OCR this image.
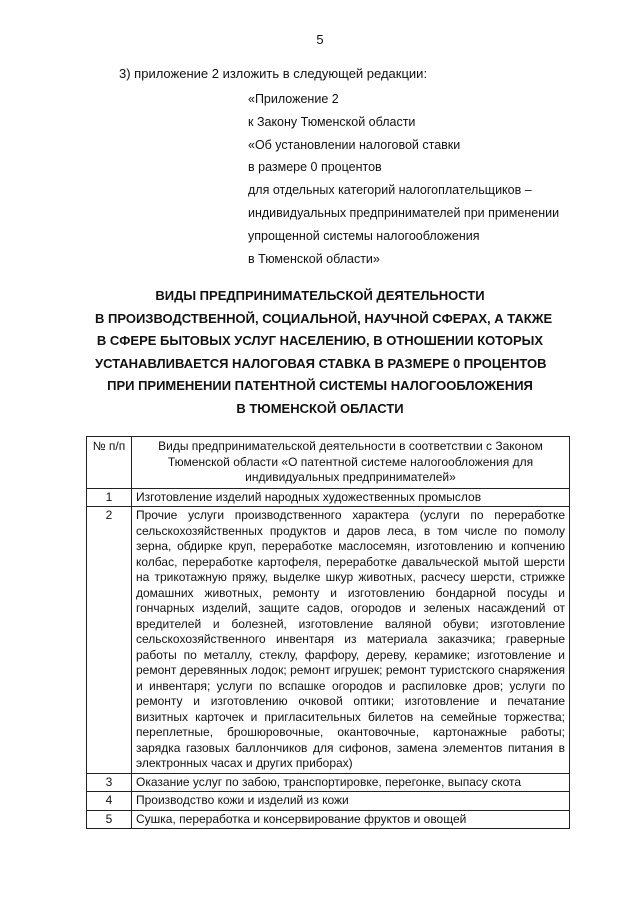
5
3) приложение 2 изложить в следующей редакции:
«Приложение 2
к Закону Тюменской области
«Об установлении налоговой ставки
в размере 0 процентов
для отдельных категорий налогоплательщиков –
индивидуальных предпринимателей при применении
упрощенной системы налогообложения
в Тюменской области»
ВИДЫ ПРЕДПРИНИМАТЕЛЬСКОЙ ДЕЯТЕЛЬНОСТИ
В ПРОИЗВОДСТВЕННОЙ, СОЦИАЛЬНОЙ, НАУЧНОЙ СФЕРАХ, А ТАКЖЕ
В СФЕРЕ БЫТОВЫХ УСЛУГ НАСЕЛЕНИЮ, В ОТНОШЕНИИ КОТОРЫХ
УСТАНАВЛИВАЕТСЯ НАЛОГОВАЯ СТАВКА В РАЗМЕРЕ 0 ПРОЦЕНТОВ
ПРИ ПРИМЕНЕНИИ ПАТЕНТНОЙ СИСТЕМЫ НАЛОГООБЛОЖЕНИЯ
В ТЮМЕНСКОЙ ОБЛАСТИ
№ п/п	Виды предпринимательской деятельности в соответствии с Законом Тюменской области «О патентной системе налогообложения для индивидуальных предпринимателей»
1	Изготовление изделий народных художественных промыслов
2	Прочие услуги производственного характера (услуги по переработке сельскохозяйственных продуктов и даров леса, в том числе по помолу зерна, обдирке круп, переработке маслосемян, изготовлению и копчению колбас, переработке картофеля, переработке давальческой мытой шерсти на трикотажную пряжу, выделке шкур животных, расчесу шерсти, стрижке домашних животных, ремонту и изготовлению бондарной посуды и гончарных изделий, защите садов, огородов и зеленых насаждений от вредителей и болезней, изготовление валяной обуви; изготовление сельскохозяйственного инвентаря из материала заказчика; граверные работы по металлу, стеклу, фарфору, дереву, керамике; изготовление и ремонт деревянных лодок; ремонт игрушек; ремонт туристского снаряжения и инвентаря; услуги по вспашке огородов и распиловке дров; услуги по ремонту и изготовлению очковой оптики; изготовление и печатание визитных карточек и пригласительных билетов на семейные торжества; переплетные, брошюровочные, окантовочные, картонажные работы; зарядка газовых баллончиков для сифонов, замена элементов питания в электронных часах и других приборах)
3	Оказание услуг по забою, транспортировке, перегонке, выпасу скота
4	Производство кожи и изделий из кожи
5	Сушка, переработка и консервирование фруктов и овощей
